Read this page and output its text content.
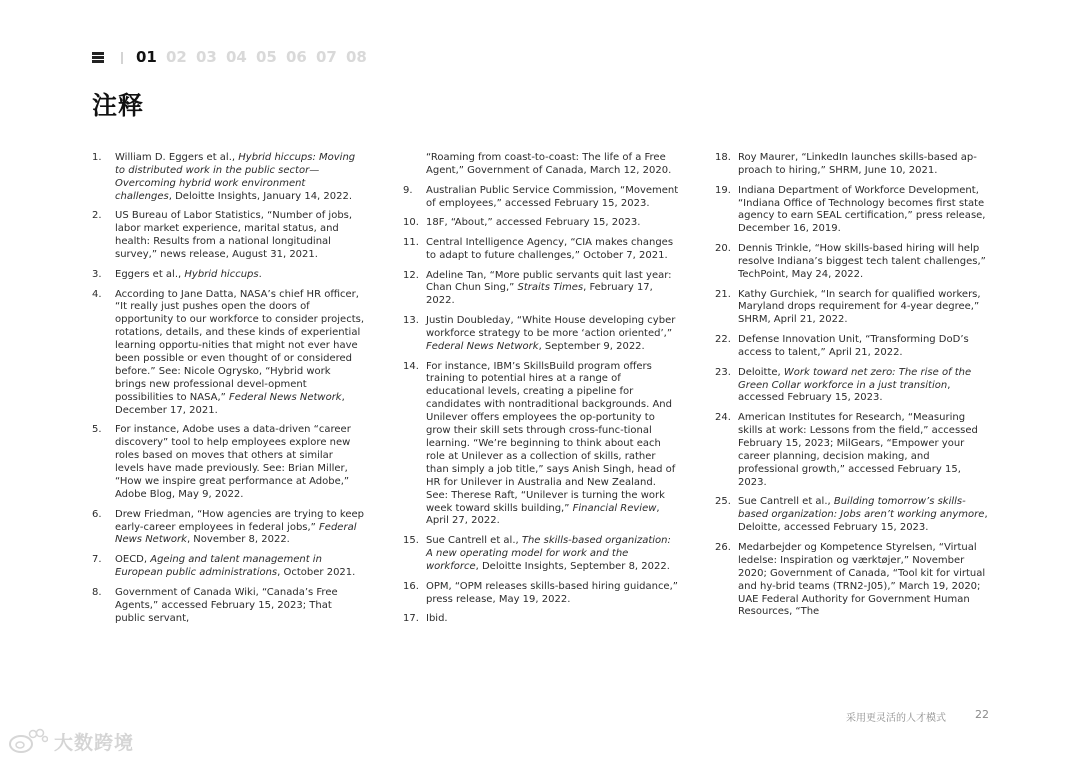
01 02 03 04 05 06 07 08
注释
1.	William D. Eggers et al., Hybrid hiccups: Moving to distributed work in the public sector—Overcoming hybrid work environment challenges, Deloitte Insights, January 14, 2022.
2.	US Bureau of Labor Statistics, “Number of jobs, labor market experience, marital status, and health: Results from a national longitudinal survey,” news release, August 31, 2021.
3.	Eggers et al., Hybrid hiccups.
4.	According to Jane Datta, NASA’s chief HR officer, “It really just pushes open the doors of opportunity to our workforce to consider projects, rotations, details, and these kinds of experiential learning opportu-nities that might not ever have been possible or even thought of or considered before.” See: Nicole Ogrysko, “Hybrid work brings new professional devel-opment possibilities to NASA,” Federal News Network, December 17, 2021.
5.	For instance, Adobe uses a data-driven “career discovery” tool to help employees explore new roles based on moves that others at similar levels have made previously. See: Brian Miller, “How we inspire great performance at Adobe,” Adobe Blog, May 9, 2022.
6.	Drew Friedman, “How agencies are trying to keep early-career employees in federal jobs,” Federal News Network, November 8, 2022.
7.	OECD, Ageing and talent management in European public administrations, October 2021.
8.	Government of Canada Wiki, “Canada’s Free Agents,” accessed February 15, 2023; That public servant,
“Roaming from coast-to-coast: The life of a Free Agent,” Government of Canada, March 12, 2020.
9.	Australian Public Service Commission, “Movement of employees,” accessed February 15, 2023.
10. 18F, “About,” accessed February 15, 2023.
11. Central Intelligence Agency, “CIA makes changes to adapt to future challenges,” October 7, 2021.
12. Adeline Tan, “More public servants quit last year: Chan Chun Sing,” Straits Times, February 17, 2022.
13. Justin Doubleday, “White House developing cyber workforce strategy to be more ‘action oriented’,” Federal News Network, September 9, 2022.
14. For instance, IBM’s SkillsBuild program offers training to potential hires at a range of educational levels, creating a pipeline for candidates with nontraditional backgrounds. And Unilever offers employees the op-portunity to grow their skill sets through cross-func-tional learning. “We’re beginning to think about each role at Unilever as a collection of skills, rather than simply a job title,” says Anish Singh, head of HR for Unilever in Australia and New Zealand. See: Therese Raft, “Unilever is turning the work week toward skills building,” Financial Review, April 27, 2022.
15. Sue Cantrell et al., The skills-based organization: A new operating model for work and the workforce, Deloitte Insights, September 8, 2022.
16. OPM, “OPM releases skills-based hiring guidance,” press release, May 19, 2022.
17. Ibid.
18. Roy Maurer, “LinkedIn launches skills-based ap-proach to hiring,” SHRM, June 10, 2021.
19. Indiana Department of Workforce Development, “Indiana Office of Technology becomes first state agency to earn SEAL certification,” press release, December 16, 2019.
20. Dennis Trinkle, “How skills-based hiring will help resolve Indiana’s biggest tech talent challenges,” TechPoint, May 24, 2022.
21. Kathy Gurchiek, “In search for qualified workers, Maryland drops requirement for 4-year degree,” SHRM, April 21, 2022.
22. Defense Innovation Unit, “Transforming DoD’s access to talent,” April 21, 2022.
23. Deloitte, Work toward net zero: The rise of the Green Collar workforce in a just transition, accessed February 15, 2023.
24. American Institutes for Research, “Measuring skills at work: Lessons from the field,” accessed February 15, 2023; MilGears, “Empower your career planning, decision making, and professional growth,” accessed February 15, 2023.
25. Sue Cantrell et al., Building tomorrow’s skills-based organization: Jobs aren’t working anymore, Deloitte, accessed February 15, 2023.
26. Medarbejder og Kompetence Styrelsen, “Virtual ledelse: Inspiration og værktøjer,” November 2020; Government of Canada, “Tool kit for virtual and hy-brid teams (TRN2-J05),” March 19, 2020; UAE Federal Authority for Government Human Resources, “The
采用更灵活的人才模式	22
大数跨境
